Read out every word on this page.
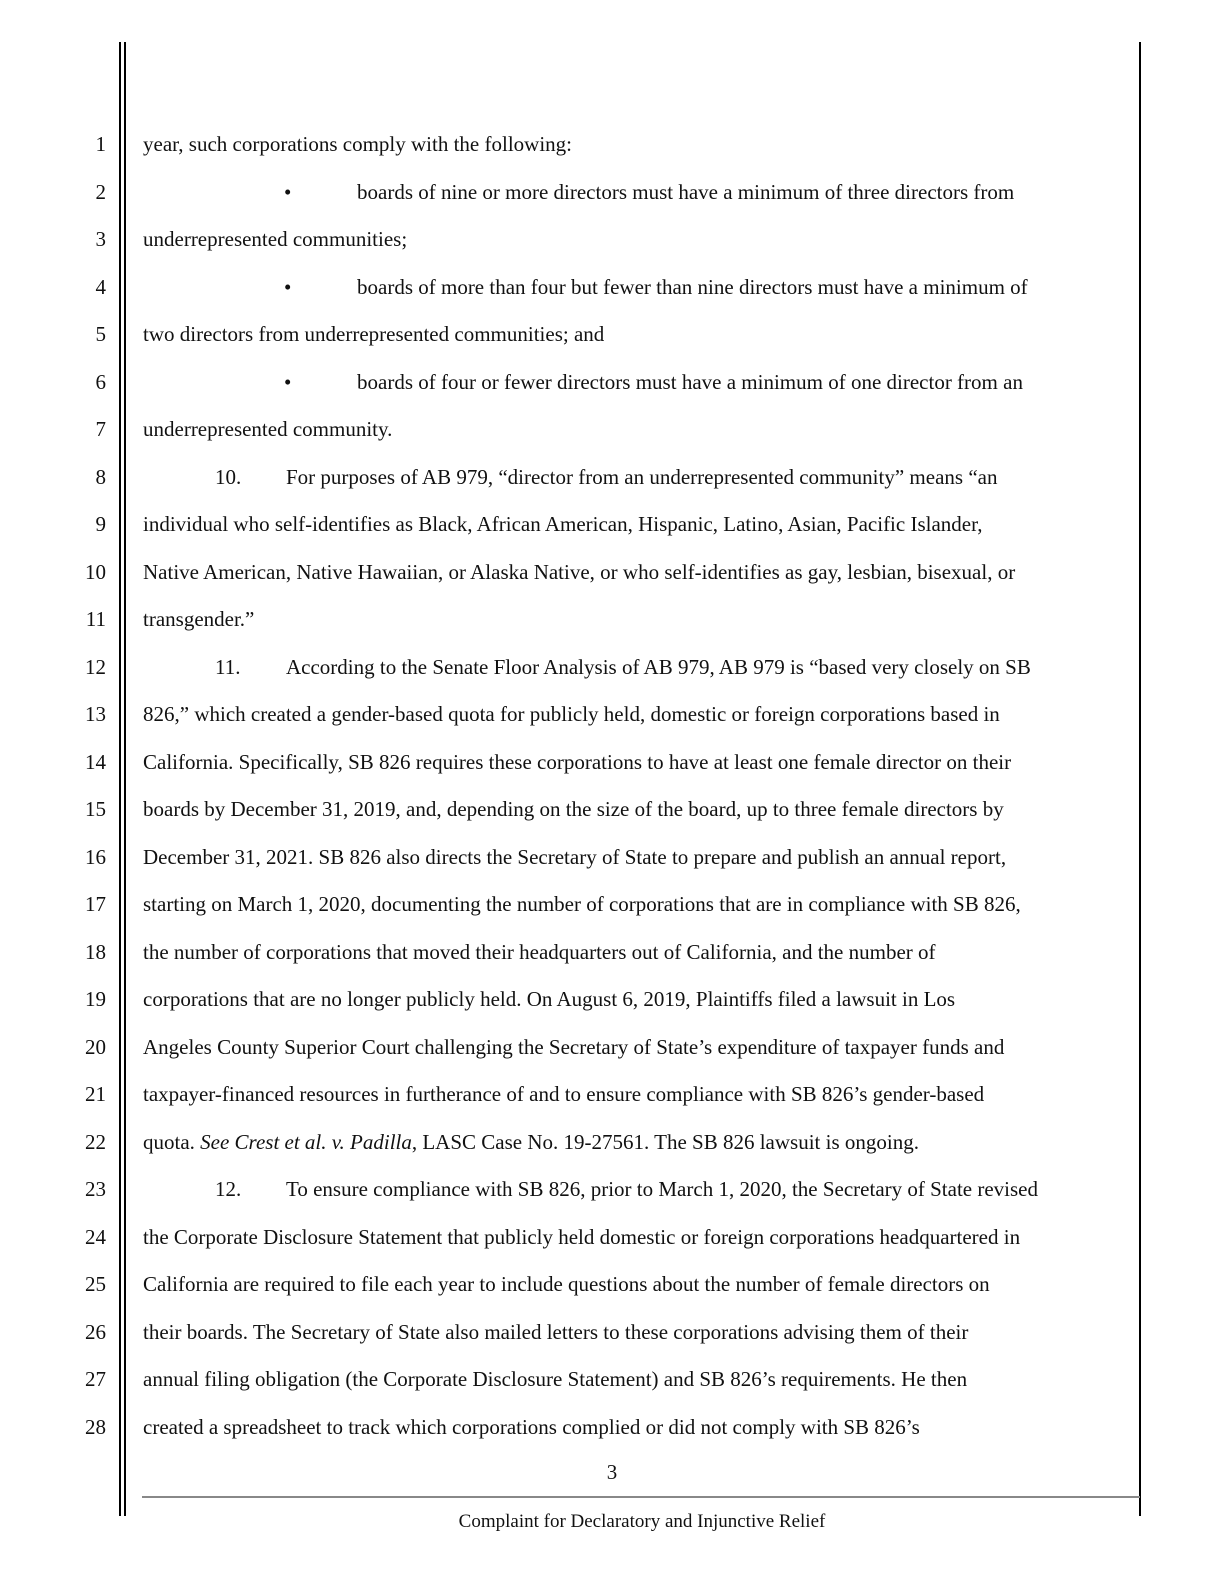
1 year, such corporations comply with the following:
2	•	boards of nine or more directors must have a minimum of three directors from
3 underrepresented communities;
4	•	boards of more than four but fewer than nine directors must have a minimum of
5 two directors from underrepresented communities; and
6	•	boards of four or fewer directors must have a minimum of one director from an
7 underrepresented community.
8	10. For purposes of AB 979, “director from an underrepresented community” means “an
9 individual who self-identifies as Black, African American, Hispanic, Latino, Asian, Pacific Islander,
10 Native American, Native Hawaiian, or Alaska Native, or who self-identifies as gay, lesbian, bisexual, or
11 transgender.”
12	11. According to the Senate Floor Analysis of AB 979, AB 979 is “based very closely on SB
13 826,” which created a gender-based quota for publicly held, domestic or foreign corporations based in
14 California. Specifically, SB 826 requires these corporations to have at least one female director on their
15 boards by December 31, 2019, and, depending on the size of the board, up to three female directors by
16 December 31, 2021. SB 826 also directs the Secretary of State to prepare and publish an annual report,
17 starting on March 1, 2020, documenting the number of corporations that are in compliance with SB 826,
18 the number of corporations that moved their headquarters out of California, and the number of
19 corporations that are no longer publicly held. On August 6, 2019, Plaintiffs filed a lawsuit in Los
20 Angeles County Superior Court challenging the Secretary of State’s expenditure of taxpayer funds and
21 taxpayer-financed resources in furtherance of and to ensure compliance with SB 826’s gender-based
22 quota. See Crest et al. v. Padilla, LASC Case No. 19-27561. The SB 826 lawsuit is ongoing.
23	12. To ensure compliance with SB 826, prior to March 1, 2020, the Secretary of State revised
24 the Corporate Disclosure Statement that publicly held domestic or foreign corporations headquartered in
25 California are required to file each year to include questions about the number of female directors on
26 their boards. The Secretary of State also mailed letters to these corporations advising them of their
27 annual filing obligation (the Corporate Disclosure Statement) and SB 826’s requirements. He then
28 created a spreadsheet to track which corporations complied or did not comply with SB 826’s
3
Complaint for Declaratory and Injunctive Relief
